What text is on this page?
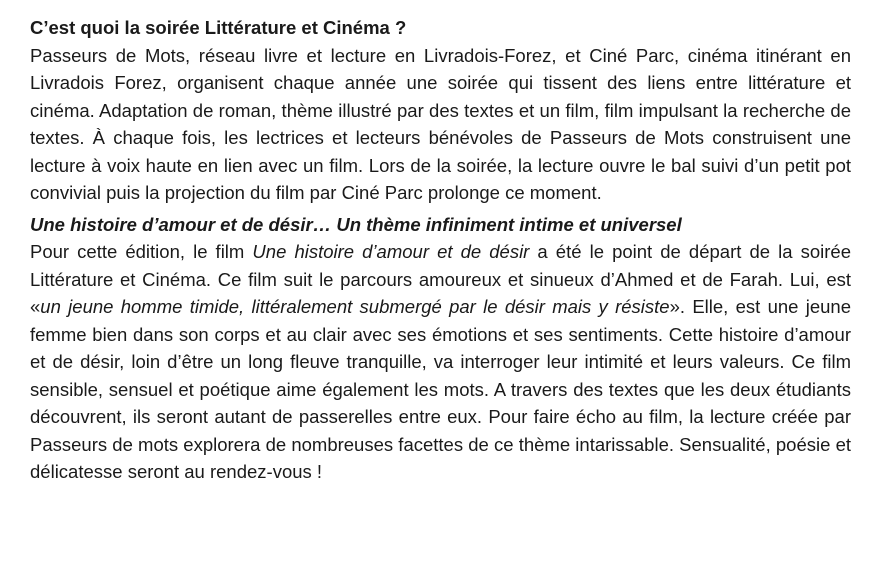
C’est quoi la soirée Littérature et Cinéma ?

Passeurs de Mots, réseau livre et lecture en Livradois-Forez, et Ciné Parc, cinéma itinérant en Livradois Forez, organisent chaque année une soirée qui tissent des liens entre littérature et cinéma. Adaptation de roman, thème illustré par des textes et un film, film impulsant la recherche de textes. À chaque fois, les lectrices et lecteurs bénévoles de Passeurs de Mots construisent une lecture à voix haute en lien avec un film. Lors de la soirée, la lecture ouvre le bal suivi d’un petit pot convivial puis la projection du film par Ciné Parc prolonge ce moment.

Une histoire d’amour et de désir… Un thème infiniment intime et universel

Pour cette édition, le film Une histoire d’amour et de désir a été le point de départ de la soirée Littérature et Cinéma. Ce film suit le parcours amoureux et sinueux d’Ahmed et de Farah. Lui, est «un jeune homme timide, littéralement submergé par le désir mais y résiste». Elle, est une jeune femme bien dans son corps et au clair avec ses émotions et ses sentiments. Cette histoire d’amour et de désir, loin d’être un long fleuve tranquille, va interroger leur intimité et leurs valeurs. Ce film sensible, sensuel et poétique aime également les mots. A travers des textes que les deux étudiants découvrent, ils seront autant de passerelles entre eux. Pour faire écho au film, la lecture créée par Passeurs de mots explorera de nombreuses facettes de ce thème intarissable. Sensualité, poésie et délicatesse seront au rendez-vous !
